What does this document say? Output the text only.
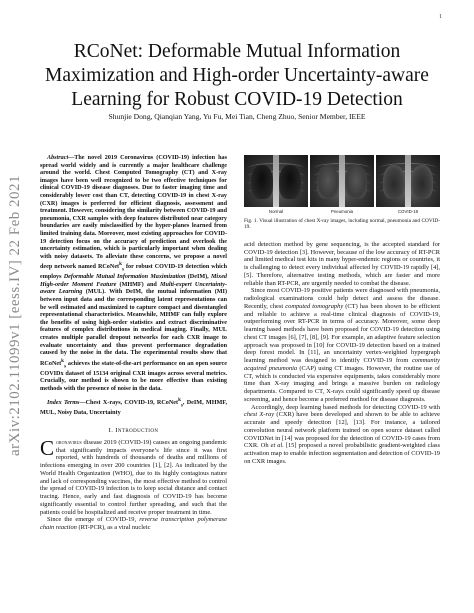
1
arXiv:2102.11099v1 [eess.IV] 22 Feb 2021
RCoNet: Deformable Mutual Information Maximization and High-order Uncertainty-aware Learning for Robust COVID-19 Detection
Shunjie Dong, Qianqian Yang, Yu Fu, Mei Tian, Cheng Zhuo, Senior Member, IEEE

Abstract—The novel 2019 Coronavirus (COVID-19) infection has spread world widely and is currently a major healthcare challenge around the world. Chest Computed Tomography (CT) and X-ray images have been well recognized to be two effective techniques for clinical COVID-19 disease diagnoses. Due to faster imaging time and considerably lower cost than CT, detecting COVID-19 in chest X-ray (CXR) images is preferred for efficient diagnosis, assessment and treatment. However, considering the similarity between COVID-19 and pneumonia, CXR samples with deep features distributed near category boundaries are easily misclassified by the hyper-planes learned from limited training data. Moreover, most existing approaches for COVID-19 detection focus on the accuracy of prediction and overlook the uncertainty estimation, which is particularly important when dealing with noisy datasets. To alleviate these concerns, we propose a novel deep network named RCoNet$^k_s$ for robust COVID-19 detection which employs Deformable Mutual Information Maximization (DeIM), Mixed High-order Moment Feature (MHMF) and Multi-expert Uncertainty-aware Learning (MUL). With DeIM, the mutual information (MI) between input data and the corresponding latent representations can be well estimated and maximized to capture compact and disentangled representational characteristics. Meanwhile, MHMF can fully explore the benefits of using high-order statistics and extract discriminative features of complex distributions in medical imaging. Finally, MUL creates multiple parallel dropout networks for each CXR image to evaluate uncertainty and thus prevent performance degradation caused by the noise in the data. The experimental results show that RCoNet$^k_s$ achieves the state-of-the-art performance on an open source COVIDx dataset of 15134 original CXR images across several metrics. Crucially, our method is shown to be more effective than existing methods with the presence of noise in the data.

Index Terms—Chest X-rays, COVID-19, RCoNet$^k_s$, DeIM, MHMF, MUL, Noisy Data, Uncertainty

I. Introduction

Coronavirus disease 2019 (COVID-19) causes an ongoing pandemic that significantly impacts everyone’s life since it was first reported, with hundreds of thousands of deaths and millions of infections emerging in over 200 countries [1], [2]. As indicated by the World Health Organization (WHO), due to its highly contagious nature and lack of corresponding vaccines, the most effective method to control the spread of COVID-19 infection is to keep social distance and contact tracing. Hence, early and fast diagnosis of COVID-19 has become significantly essential to control further spreading, and such that the patients could be hospitalized and receive proper treatment in time.

Since the emerge of COVID-19, reverse transcription polymerase chain reaction (RT-PCR), as a viral nucleic

Normal	Pneumonia	COVID-19
Fig. 1. Visual illustration of chest X-ray images, including normal, pneumonia and COVID-19.

acid detection method by gene sequencing, is the accepted standard for COVID-19 detection [3]. However, because of the low accuracy of RT-PCR and limited medical test kits in many hyper-endemic regions or countries, it is challenging to detect every individual affected by COVID-19 rapidly [4], [5]. Therefore, alternative testing methods, which are faster and more reliable than RT-PCR, are urgently needed to combat the disease.

Since most COVID-19 positive patients were diagnosed with pneumonia, radiological examinations could help detect and assess the disease. Recently, chest computed tomography (CT) has been shown to be efficient and reliable to achieve a real-time clinical diagnosis of COVID-19, outperforming over RT-PCR in terms of accuracy. Moreover, some deep learning based methods have been proposed for COVID-19 detection using chest CT images [6], [7], [8], [9]. For example, an adaptive feature selection approach was proposed in [10] for COVID-19 detection based on a trained deep forest model. In [11], an uncertainty vertex-weighted hypergraph learning method was designed to identify COVID-19 from community acquired pneumonia (CAP) using CT images. However, the routine use of CT, which is conducted via expensive equipments, takes considerably more time than X-ray imaging and brings a massive burden on radiology departments. Compared to CT, X-rays could significantly speed up disease screening, and hence become a preferred method for disease diagnosis.

Accordingly, deep learning based methods for detecting COVID-19 with chest X-ray (CXR) have been developed and shown to be able to achieve accurate and speedy detection [12], [13]. For instance, a tailored convolution neural network platform trained on open source dataset called COVIDNet in [14] was proposed for the detection of COVID-19 cases from CXR. Oh et al. [15] proposed a novel probabilistic gradient-weighted class activation map to enable infection segmentation and detection of COVID-19 on CXR images.
